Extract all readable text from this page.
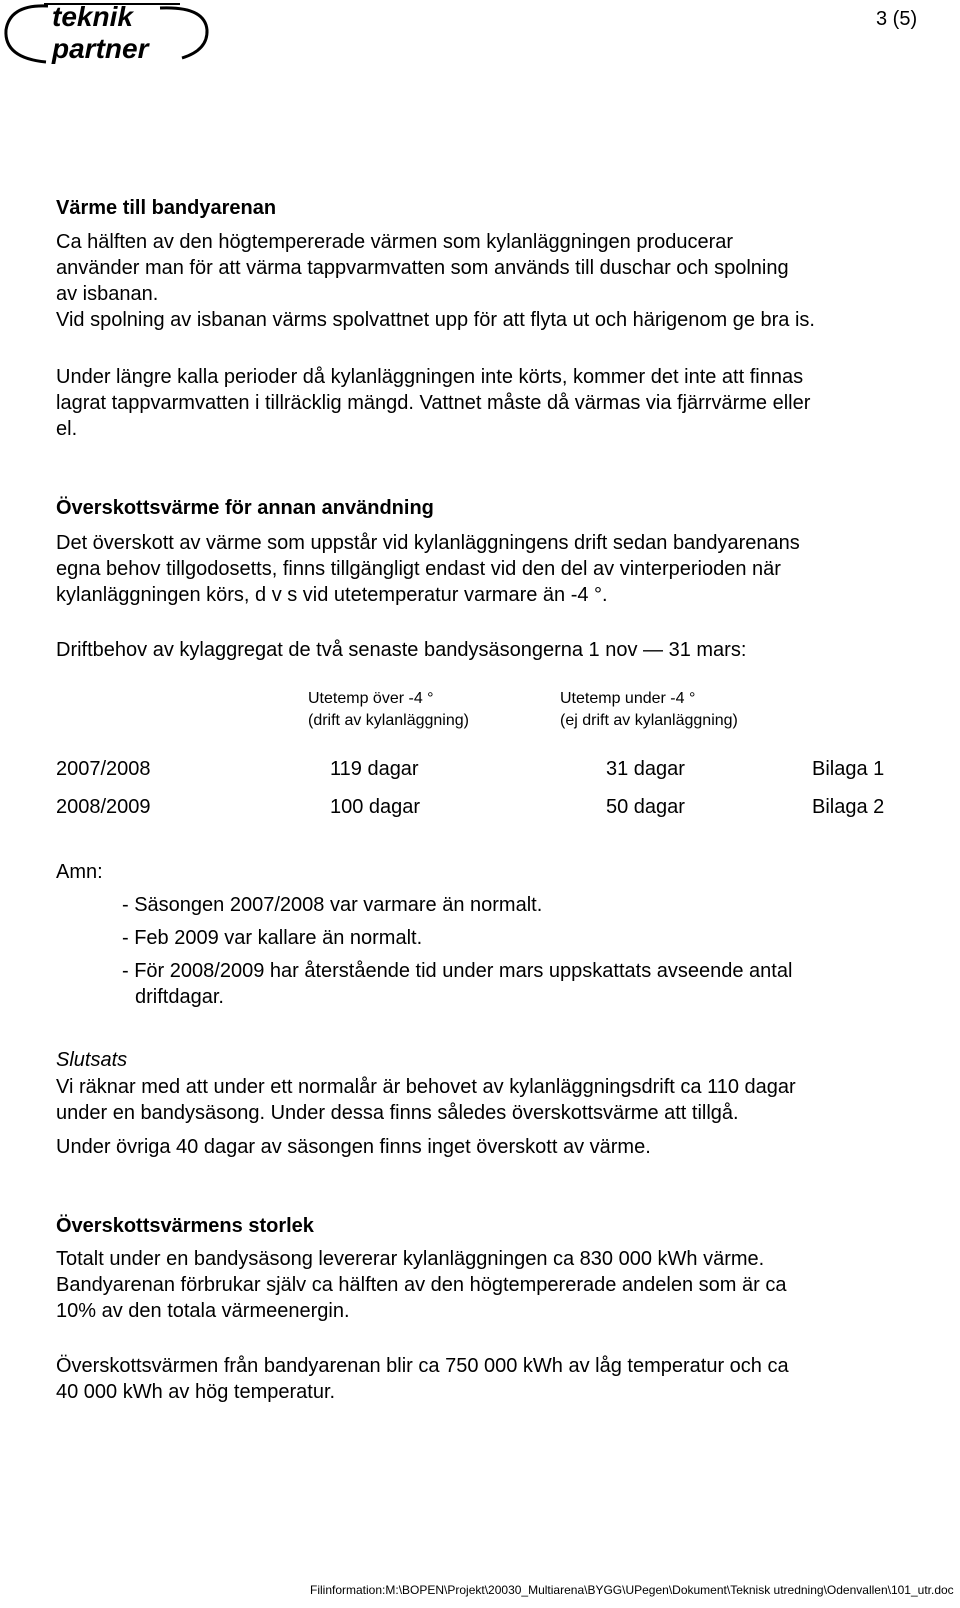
teknik
partner
3 (5)
Värme till bandyarenan
Ca hälften av den högtempererade värmen som kylanläggningen producerar
använder man för att värma tappvarmvatten som används till duschar och spolning
av isbanan.
Vid spolning av isbanan värms spolvattnet upp för att flyta ut och härigenom ge bra is.
Under längre kalla perioder då kylanläggningen inte körts, kommer det inte att finnas
lagrat tappvarmvatten i tillräcklig mängd. Vattnet måste då värmas via fjärrvärme eller
el.
Överskottsvärme för annan användning
Det överskott av värme som uppstår vid kylanläggningens drift sedan bandyarenans
egna behov tillgodosetts, finns tillgängligt endast vid den del av vinterperioden när
kylanläggningen körs, d v s vid utetemperatur varmare än -4 °.
Driftbehov av kylaggregat de två senaste bandysäsongerna 1 nov — 31 mars:
Utetemp över -4 °
(drift av kylanläggning)
Utetemp under -4 °
(ej drift av kylanläggning)
2007/2008	119 dagar	31 dagar	Bilaga 1
2008/2009	100 dagar	50 dagar	Bilaga 2
Amn:
- Säsongen 2007/2008 var varmare än normalt.
- Feb 2009 var kallare än normalt.
- För 2008/2009 har återstående tid under mars uppskattats avseende antal
driftdagar.
Slutsats
Vi räknar med att under ett normalår är behovet av kylanläggningsdrift ca 110 dagar
under en bandysäsong. Under dessa finns således överskottsvärme att tillgå.
Under övriga 40 dagar av säsongen finns inget överskott av värme.
Överskottsvärmens storlek
Totalt under en bandysäsong levererar kylanläggningen ca 830 000 kWh värme.
Bandyarenan förbrukar själv ca hälften av den högtempererade andelen som är ca
10% av den totala värmeenergin.
Överskottsvärmen från bandyarenan blir ca 750 000 kWh av låg temperatur och ca
40 000 kWh av hög temperatur.
Filinformation:M:\BOPEN\Projekt\20030_Multiarena\BYGG\UPegen\Dokument\Teknisk utredning\Odenvallen\101_utr.doc
